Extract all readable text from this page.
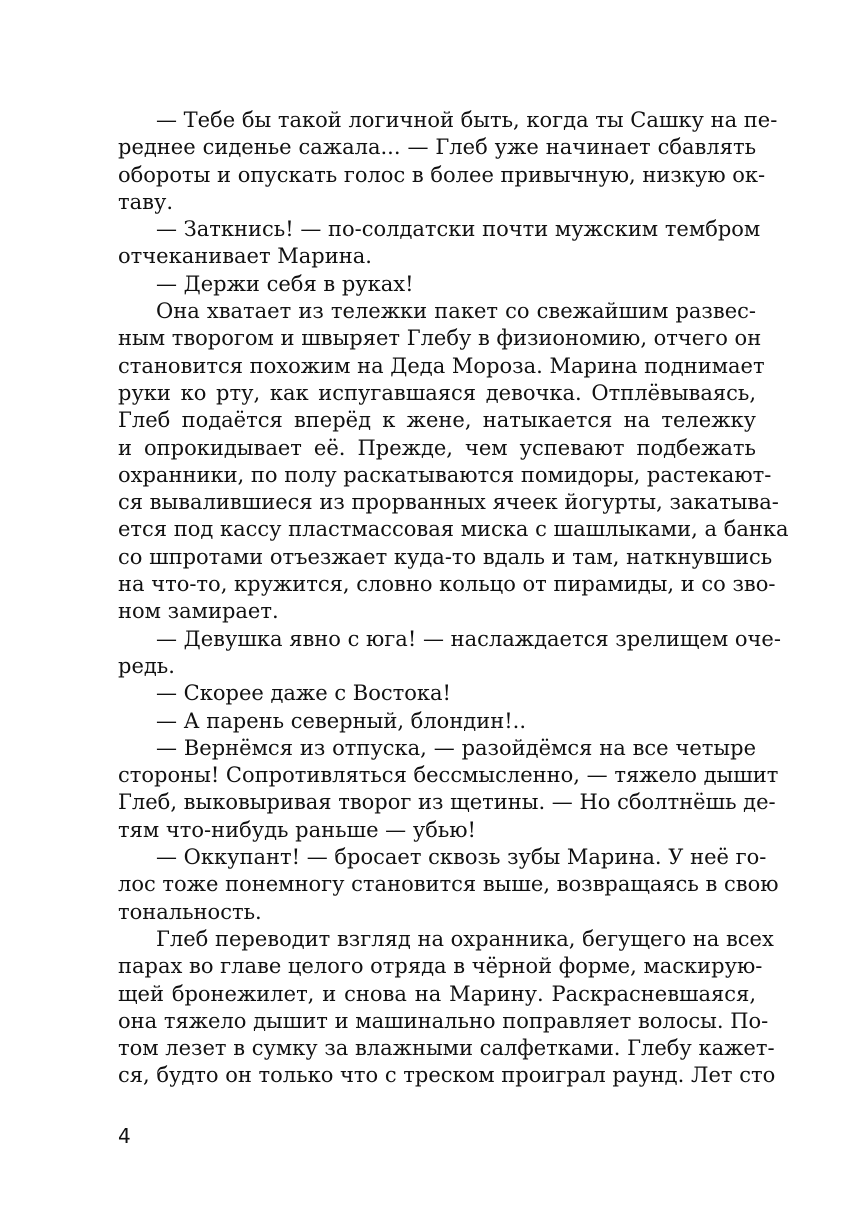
— Тебе бы такой логичной быть, когда ты Сашку на пе-
реднее сиденье сажала... — Глеб уже начинает сбавлять
обороты и опускать голос в более привычную, низкую ок-
таву.
— Заткнись! — по-солдатски почти мужским тембром
отчеканивает Марина.
— Держи себя в руках!
Она хватает из тележки пакет со свежайшим развес-
ным творогом и швыряет Глебу в физиономию, отчего он
становится похожим на Деда Мороза. Марина поднимает
руки ко рту, как испугавшаяся девочка. Отплёвываясь,
Глеб подаётся вперёд к жене, натыкается на тележку
и опрокидывает её. Прежде, чем успевают подбежать
охранники, по полу раскатываются помидоры, растекают-
ся вывалившиеся из прорванных ячеек йогурты, закатыва-
ется под кассу пластмассовая миска с шашлыками, а банка
со шпротами отъезжает куда-то вдаль и там, наткнувшись
на что-то, кружится, словно кольцо от пирамиды, и со зво-
ном замирает.
— Девушка явно с юга! — наслаждается зрелищем оче-
редь.
— Скорее даже с Востока!
— А парень северный, блондин!..
— Вернёмся из отпуска, — разойдёмся на все четыре
стороны! Сопротивляться бессмысленно, — тяжело дышит
Глеб, выковыривая творог из щетины. — Но сболтнёшь де-
тям что-нибудь раньше — убью!
— Оккупант! — бросает сквозь зубы Марина. У неё го-
лос тоже понемногу становится выше, возвращаясь в свою
тональность.
Глеб переводит взгляд на охранника, бегущего на всех
парах во главе целого отряда в чёрной форме, маскирую-
щей бронежилет, и снова на Марину. Раскрасневшаяся,
она тяжело дышит и машинально поправляет волосы. По-
том лезет в сумку за влажными салфетками. Глебу кажет-
ся, будто он только что с треском проиграл раунд. Лет сто
4
